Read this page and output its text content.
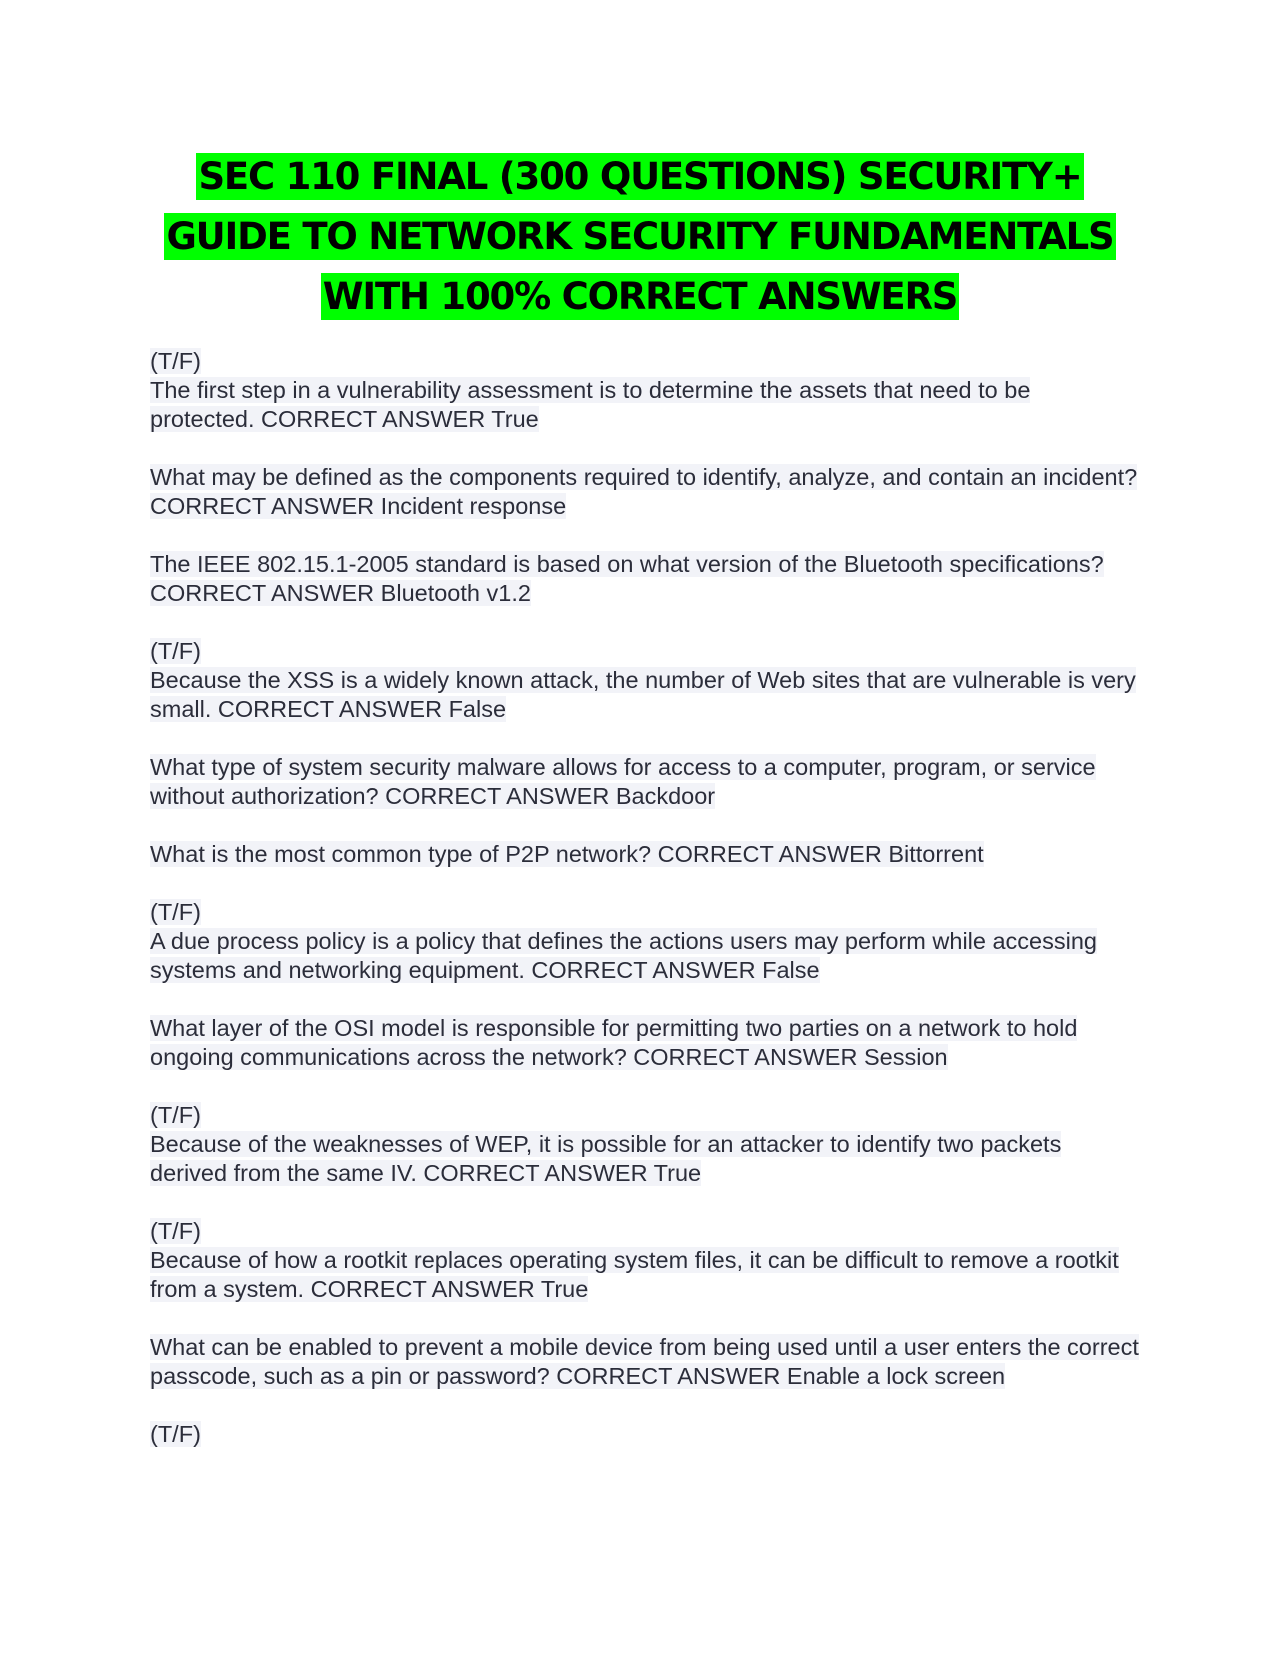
SEC 110 FINAL (300 QUESTIONS) SECURITY+ GUIDE TO NETWORK SECURITY FUNDAMENTALS WITH 100% CORRECT ANSWERS
(T/F)
The first step in a vulnerability assessment is to determine the assets that need to be protected. CORRECT ANSWER True
What may be defined as the components required to identify, analyze, and contain an incident? CORRECT ANSWER Incident response
The IEEE 802.15.1-2005 standard is based on what version of the Bluetooth specifications? CORRECT ANSWER Bluetooth v1.2
(T/F)
Because the XSS is a widely known attack, the number of Web sites that are vulnerable is very small. CORRECT ANSWER False
What type of system security malware allows for access to a computer, program, or service without authorization? CORRECT ANSWER Backdoor
What is the most common type of P2P network? CORRECT ANSWER Bittorrent
(T/F)
A due process policy is a policy that defines the actions users may perform while accessing systems and networking equipment. CORRECT ANSWER False
What layer of the OSI model is responsible for permitting two parties on a network to hold ongoing communications across the network? CORRECT ANSWER Session
(T/F)
Because of the weaknesses of WEP, it is possible for an attacker to identify two packets derived from the same IV. CORRECT ANSWER True
(T/F)
Because of how a rootkit replaces operating system files, it can be difficult to remove a rootkit from a system. CORRECT ANSWER True
What can be enabled to prevent a mobile device from being used until a user enters the correct passcode, such as a pin or password? CORRECT ANSWER Enable a lock screen
(T/F)
